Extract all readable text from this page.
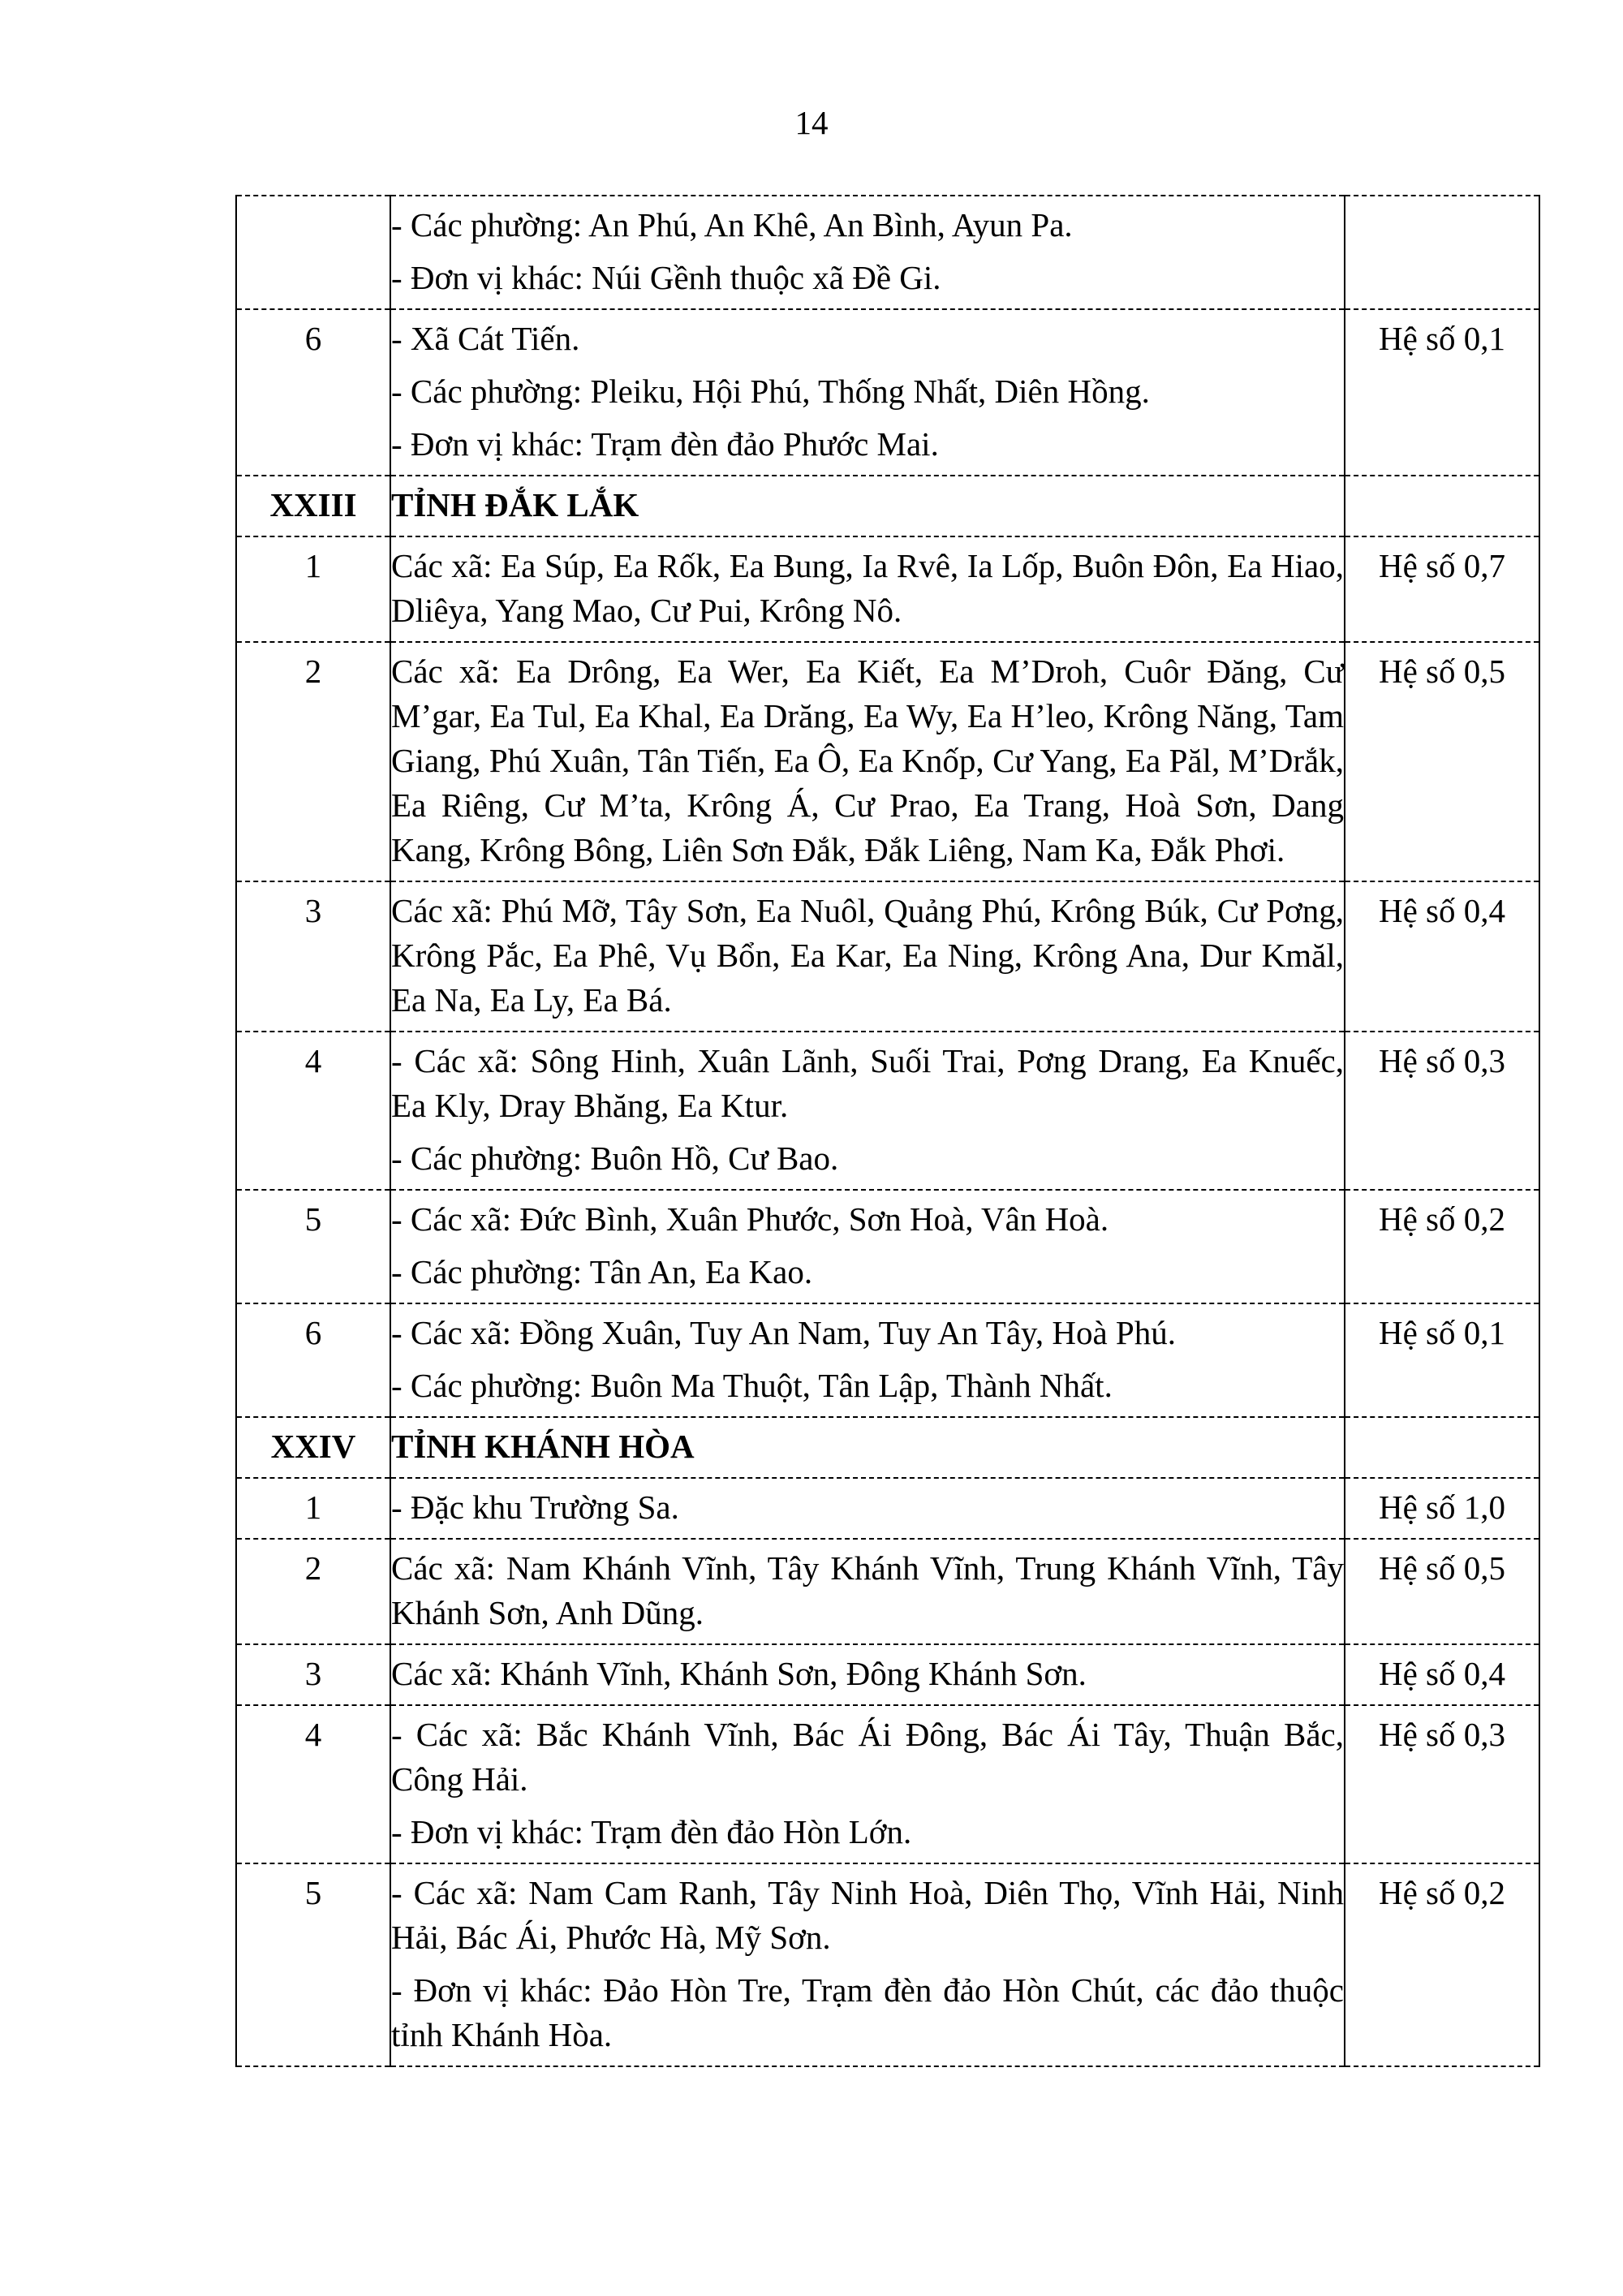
14

	- Các phường: An Phú, An Khê, An Bình, Ayun Pa.
- Đơn vị khác: Núi Gềnh thuộc xã Đề Gi.	

6	- Xã Cát Tiến.
- Các phường: Pleiku, Hội Phú, Thống Nhất, Diên Hồng.
- Đơn vị khác: Trạm đèn đảo Phước Mai.	Hệ số 0,1
XXIII	TỈNH ĐẮK LẮK	
1	Các xã: Ea Súp, Ea Rốk, Ea Bung, Ia Rvê, Ia Lốp, Buôn Đôn, Ea Hiao, Dliêya, Yang Mao, Cư Pui, Krông Nô.	Hệ số 0,7
2	Các xã: Ea Drông, Ea Wer, Ea Kiết, Ea M’Droh, Cuôr Đăng, Cư M’gar, Ea Tul, Ea Khal, Ea Drăng, Ea Wy, Ea H’leo, Krông Năng, Tam Giang, Phú Xuân, Tân Tiến, Ea Ô, Ea Knốp, Cư Yang, Ea Păl, M’Drắk, Ea Riêng, Cư M’ta, Krông Á, Cư Prao, Ea Trang, Hoà Sơn, Dang Kang, Krông Bông, Liên Sơn Đắk, Đắk Liêng, Nam Ka, Đắk Phơi.	Hệ số 0,5
3	Các xã: Phú Mỡ, Tây Sơn, Ea Nuôl, Quảng Phú, Krông Búk, Cư Pơng, Krông Pắc, Ea Phê, Vụ Bổn, Ea Kar, Ea Ning, Krông Ana, Dur Kmăl, Ea Na, Ea Ly, Ea Bá.	Hệ số 0,4
4	- Các xã: Sông Hinh, Xuân Lãnh, Suối Trai, Pơng Drang, Ea Knuếc, Ea Kly, Dray Bhăng, Ea Ktur.
- Các phường: Buôn Hồ, Cư Bao.	Hệ số 0,3
5	- Các xã: Đức Bình, Xuân Phước, Sơn Hoà, Vân Hoà.
- Các phường: Tân An, Ea Kao.	Hệ số 0,2
6	- Các xã: Đồng Xuân, Tuy An Nam, Tuy An Tây, Hoà Phú.
- Các phường: Buôn Ma Thuột, Tân Lập, Thành Nhất.	Hệ số 0,1
XXIV	TỈNH KHÁNH HÒA	
1	- Đặc khu Trường Sa.	Hệ số 1,0
2	Các xã: Nam Khánh Vĩnh, Tây Khánh Vĩnh, Trung Khánh Vĩnh, Tây Khánh Sơn, Anh Dũng.	Hệ số 0,5
3	Các xã: Khánh Vĩnh, Khánh Sơn, Đông Khánh Sơn.	Hệ số 0,4
4	- Các xã: Bắc Khánh Vĩnh, Bác Ái Đông, Bác Ái Tây, Thuận Bắc, Công Hải.
- Đơn vị khác: Trạm đèn đảo Hòn Lớn.	Hệ số 0,3
5	- Các xã: Nam Cam Ranh, Tây Ninh Hoà, Diên Thọ, Vĩnh Hải, Ninh Hải, Bác Ái, Phước Hà, Mỹ Sơn.
- Đơn vị khác: Đảo Hòn Tre, Trạm đèn đảo Hòn Chút, các đảo thuộc tỉnh Khánh Hòa.	Hệ số 0,2
